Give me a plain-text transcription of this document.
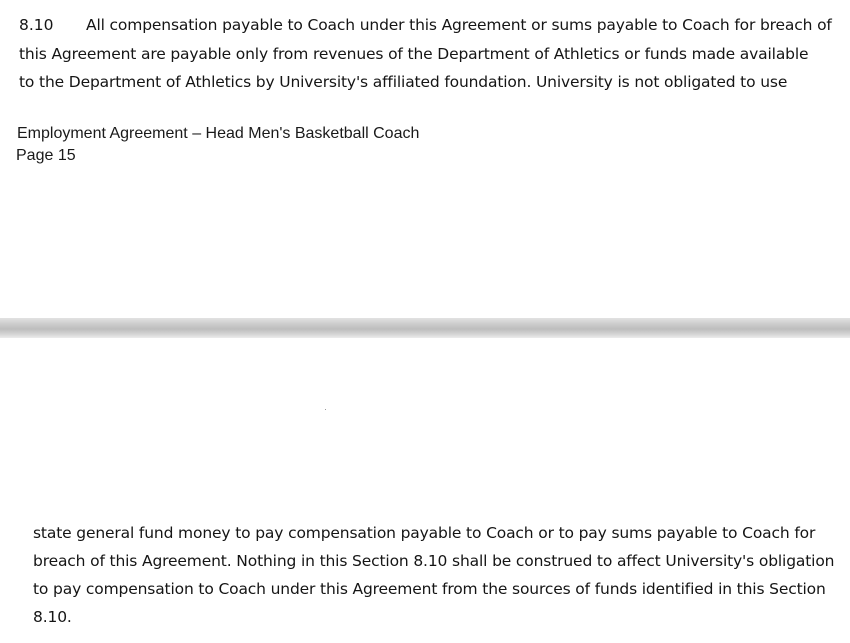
8.10 All compensation payable to Coach under this Agreement or sums payable to Coach for breach of
this Agreement are payable only from revenues of the Department of Athletics or funds made available
to the Department of Athletics by University's affiliated foundation. University is not obligated to use
Employment Agreement – Head Men's Basketball Coach
Page 15
state general fund money to pay compensation payable to Coach or to pay sums payable to Coach for
breach of this Agreement. Nothing in this Section 8.10 shall be construed to affect University's obligation
to pay compensation to Coach under this Agreement from the sources of funds identified in this Section
8.10.
